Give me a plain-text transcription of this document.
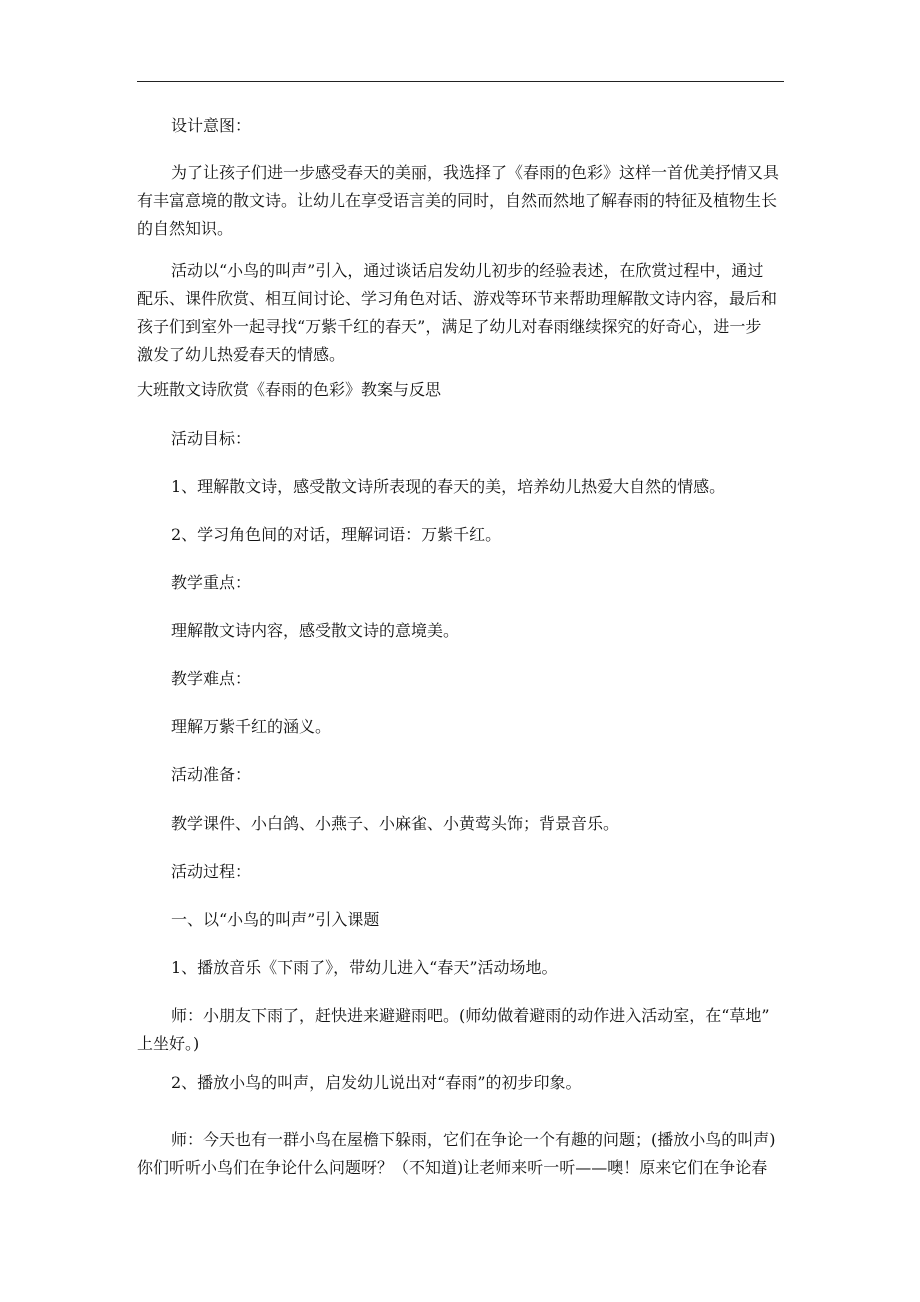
设计意图：
为了让孩子们进一步感受春天的美丽，我选择了《春雨的色彩》这样一首优美抒情又具
有丰富意境的散文诗。让幼儿在享受语言美的同时，自然而然地了解春雨的特征及植物生长
的自然知识。
活动以“小鸟的叫声”引入，通过谈话启发幼儿初步的经验表述，在欣赏过程中，通过
配乐、课件欣赏、相互间讨论、学习角色对话、游戏等环节来帮助理解散文诗内容，最后和
孩子们到室外一起寻找“万紫千红的春天”，满足了幼儿对春雨继续探究的好奇心，进一步
激发了幼儿热爱春天的情感。
大班散文诗欣赏《春雨的色彩》教案与反思
活动目标：
1、理解散文诗，感受散文诗所表现的春天的美，培养幼儿热爱大自然的情感。
2、学习角色间的对话，理解词语：万紫千红。
教学重点：
理解散文诗内容，感受散文诗的意境美。
教学难点：
理解万紫千红的涵义。
活动准备：
教学课件、小白鸽、小燕子、小麻雀、小黄莺头饰；背景音乐。
活动过程：
一、以“小鸟的叫声”引入课题
1、播放音乐《下雨了》，带幼儿进入“春天”活动场地。
师：小朋友下雨了，赶快进来避避雨吧。(师幼做着避雨的动作进入活动室，在“草地”
上坐好。)
2、播放小鸟的叫声，启发幼儿说出对“春雨”的初步印象。
师：今天也有一群小鸟在屋檐下躲雨，它们在争论一个有趣的问题；(播放小鸟的叫声)
你们听听小鸟们在争论什么问题呀？（不知道)让老师来听一听——噢！原来它们在争论春
